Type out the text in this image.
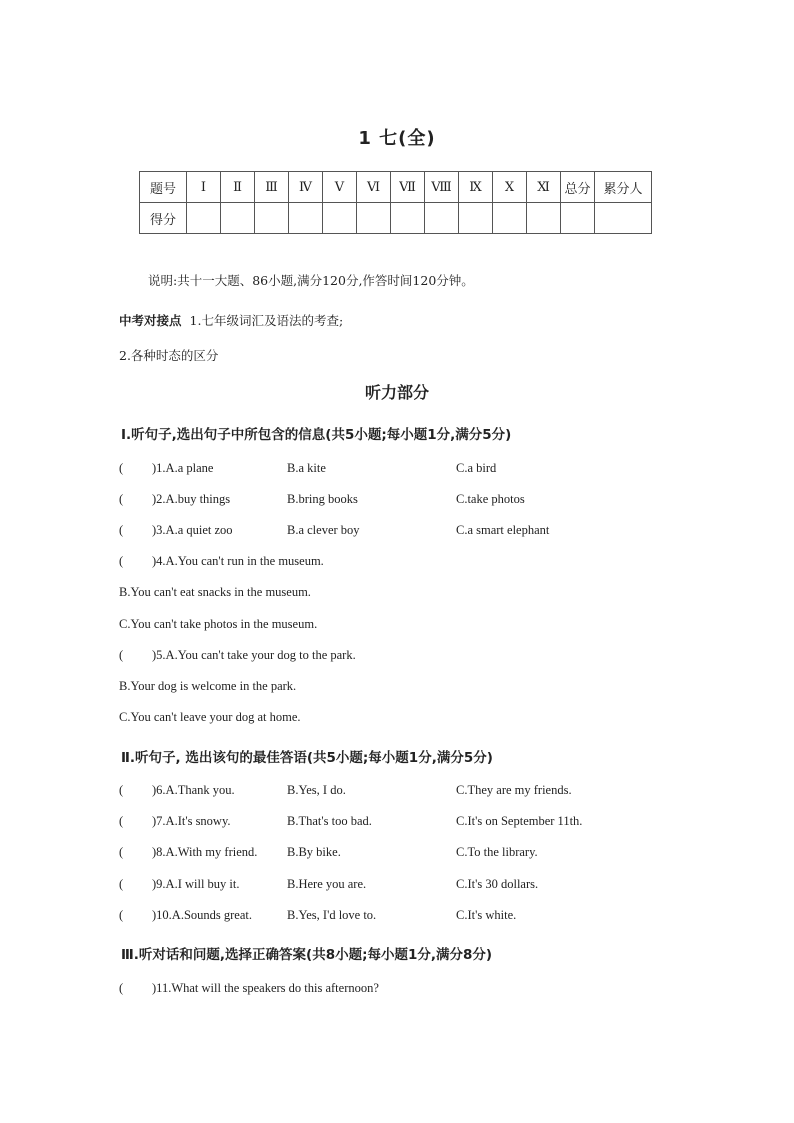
1 七(全)
题号	Ⅰ	Ⅱ	Ⅲ	Ⅳ	Ⅴ	Ⅵ	Ⅶ	Ⅷ	Ⅸ	Ⅹ	Ⅺ	总分	累分人
得分													
说明:共十一大题、86小题,满分120分,作答时间120分钟。
中考对接点 1.七年级词汇及语法的考查;
2.各种时态的区分
听力部分
Ⅰ.听句子,选出句子中所包含的信息(共5小题;每小题1分,满分5分)
( )1.A.a plane	B.a kite	C.a bird
( )2.A.buy things	B.bring books	C.take photos
( )3.A.a quiet zoo	B.a clever boy	C.a smart elephant
( )4.A.You can't run in the museum.
B.You can't eat snacks in the museum.
C.You can't take photos in the museum.
( )5.A.You can't take your dog to the park.
B.Your dog is welcome in the park.
C.You can't leave your dog at home.
Ⅱ.听句子, 选出该句的最佳答语(共5小题;每小题1分,满分5分)
( )6.A.Thank you.	B.Yes, I do.	C.They are my friends.
( )7.A.It's snowy.	B.That's too bad.	C.It's on September 11th.
( )8.A.With my friend. B.By bike.	C.To the library.
( )9.A.I will buy it.	B.Here you are.	C.It's 30 dollars.
( )10.A.Sounds great.	B.Yes, I'd love to.	C.It's white.
Ⅲ.听对话和问题,选择正确答案(共8小题;每小题1分,满分8分)
( )11.What will the speakers do this afternoon?
